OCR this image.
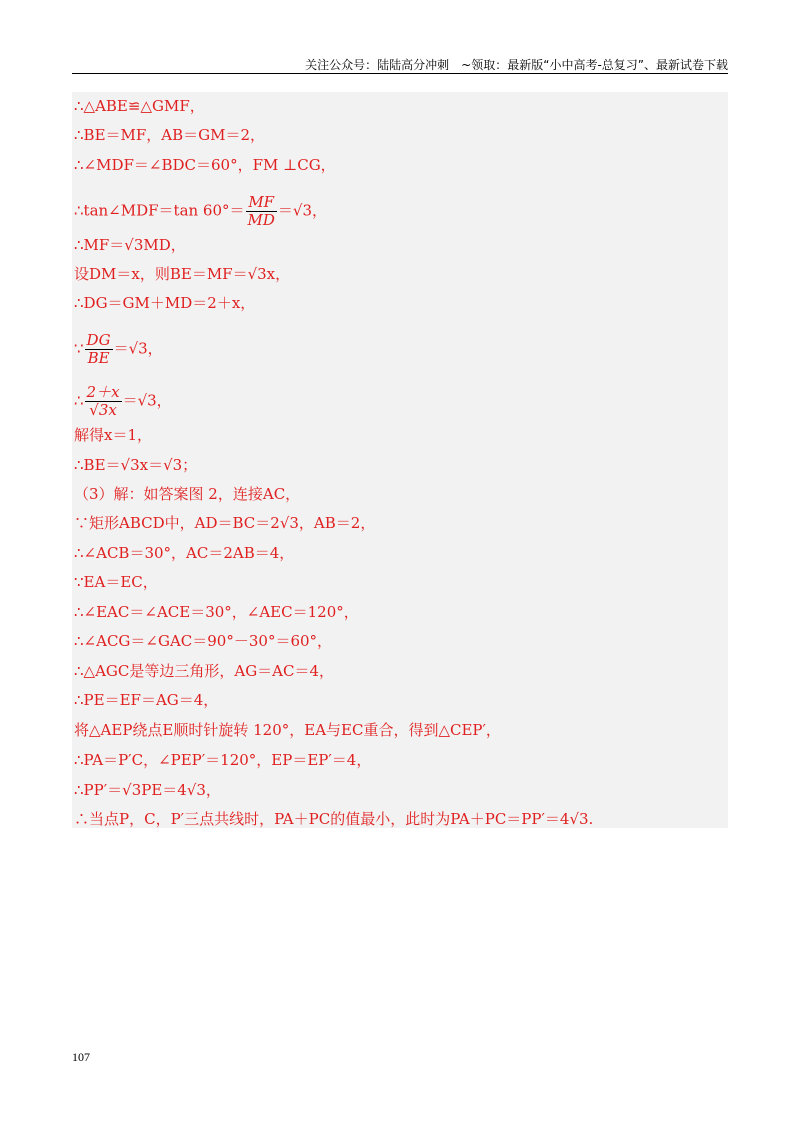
关注公众号：陆陆高分冲刺　~领取：最新版“小中高考-总复习”、最新试卷下载
∴△ABE≌△GMF，
∴BE＝MF，AB＝GM＝2，
∴∠MDF＝∠BDC＝60°，FM ⊥CG，
∴tan∠MDF＝tan $60^\circ= \frac{MF}{MD} =√3$，
∴MF＝√3MD，
设DM＝x，则BE＝MF＝√3x，
∴DG＝GM＋MD＝2＋x，
∵ $\frac{DG}{BE} =√3$，
∴ $\frac{2+x}{√3x} =√3$，
解得x＝1，
∴BE＝√3x＝√3；
（3）解：如答案图 2，连接AC，
∵矩形ABCD中，AD＝BC＝2√3，AB＝2，
∴∠ACB＝30°，AC＝2AB＝4，
∵EA＝EC，
∴∠EAC＝∠ACE＝30°，∠AEC＝120°，
∴∠ACG＝∠GAC＝90°－30°＝60°，
∴△AGC是等边三角形，AG＝AC＝4，
∴PE＝EF＝AG＝4，
将△AEP绕点E顺时针旋转 120°，EA与EC重合，得到△CEP′，
∴PA＝P′C，∠PEP′＝120°，EP＝EP′＝4，
∴PP′＝√3PE＝4√3，
∴当点P，C，P′三点共线时，PA＋PC的值最小，此时为PA＋PC＝PP′＝4√3.
107
